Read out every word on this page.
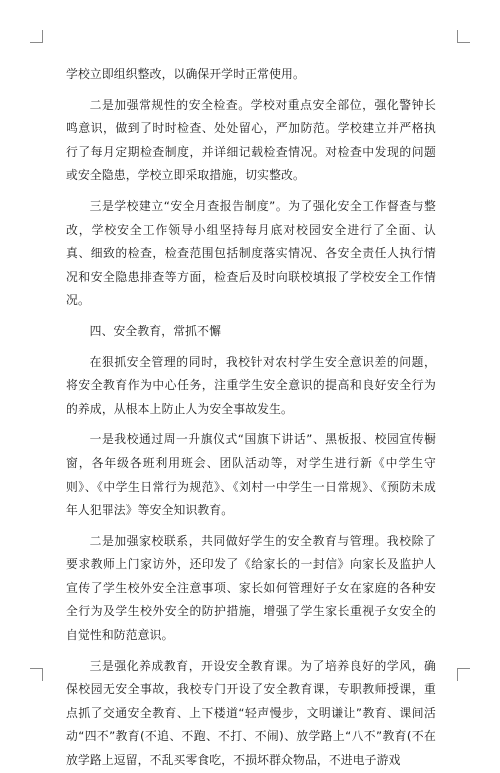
学校立即组织整改，以确保开学时正常使用。

二是加强常规性的安全检查。学校对重点安全部位，强化警钟长鸣意识，做到了时时检查、处处留心，严加防范。学校建立并严格执行了每月定期检查制度，并详细记载检查情况。对检查中发现的问题或安全隐患，学校立即采取措施，切实整改。

三是学校建立“安全月查报告制度”。为了强化安全工作督查与整改，学校安全工作领导小组坚持每月底对校园安全进行了全面、认真、细致的检查，检查范围包括制度落实情况、各安全责任人执行情况和安全隐患排查等方面，检查后及时向联校填报了学校安全工作情况。

四、安全教育，常抓不懈

在狠抓安全管理的同时，我校针对农村学生安全意识差的问题，将安全教育作为中心任务，注重学生安全意识的提高和良好安全行为的养成，从根本上防止人为安全事故发生。

一是我校通过周一升旗仪式“国旗下讲话”、黑板报、校园宣传橱窗，各年级各班利用班会、团队活动等，对学生进行新《中学生守则》、《中学生日常行为规范》、《刘村一中学生一日常规》、《预防未成年人犯罪法》等安全知识教育。

二是加强家校联系，共同做好学生的安全教育与管理。我校除了要求教师上门家访外，还印发了《给家长的一封信》向家长及监护人宣传了学生校外安全注意事项、家长如何管理好子女在家庭的各种安全行为及学生校外安全的防护措施，增强了学生家长重视子女安全的自觉性和防范意识。

三是强化养成教育，开设安全教育课。为了培养良好的学风，确保校园无安全事故，我校专门开设了安全教育课，专职教师授课，重点抓了交通安全教育、上下楼道“轻声慢步，文明谦让”教育、课间活动“四不”教育(不追、不跑、不打、不闹)、放学路上“八不”教育(不在放学路上逗留，不乱买零食吃，不损坏群众物品，不进电子游戏
